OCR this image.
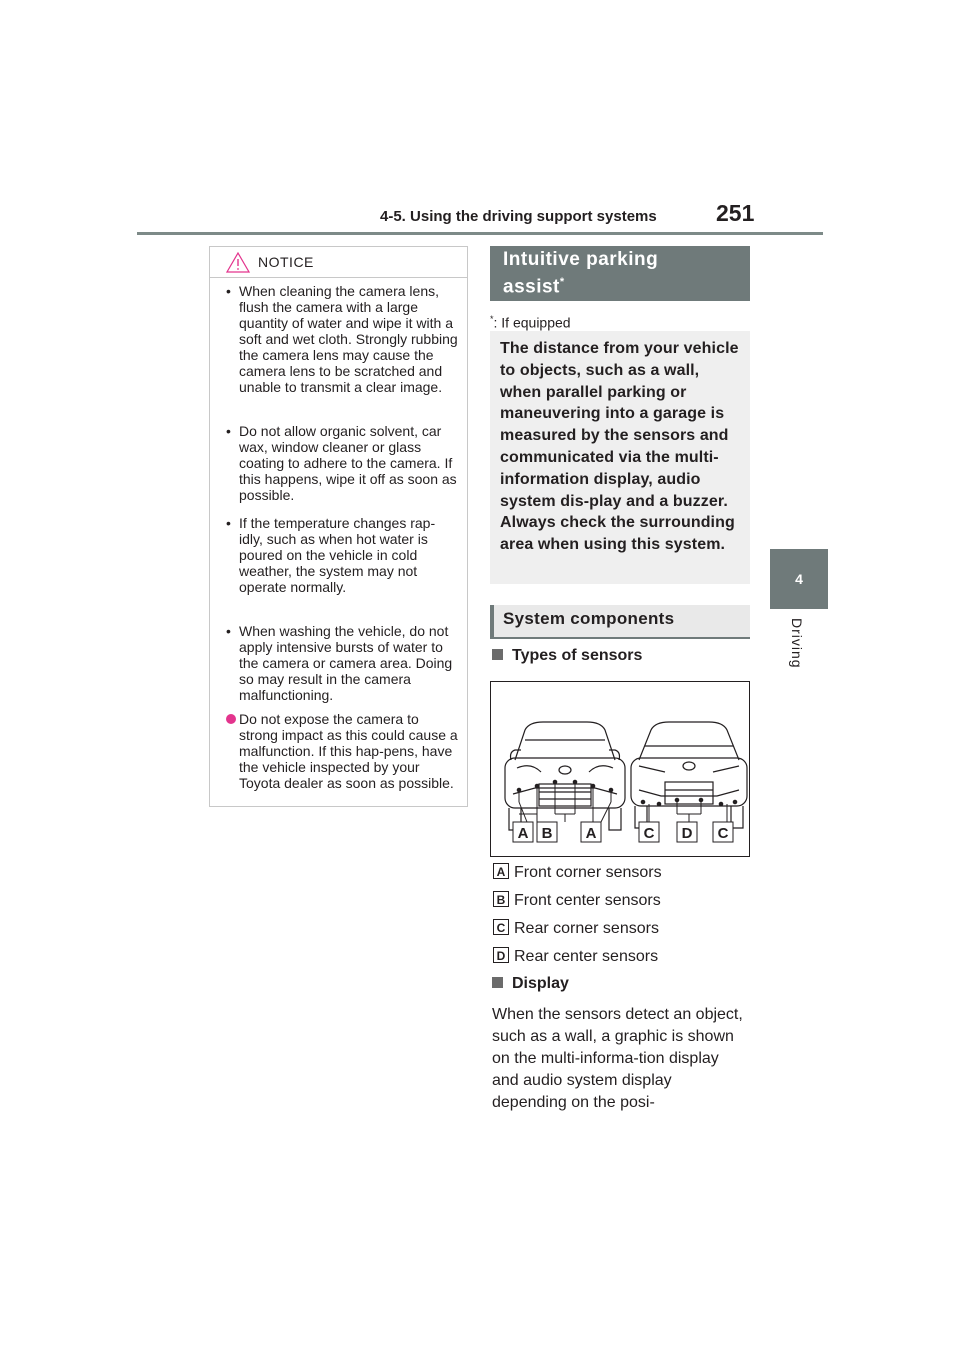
4-5. Using the driving support systems	251
4
Driving
NOTICE
• When cleaning the camera lens, flush the camera with a large quantity of water and wipe it with a soft and wet cloth. Strongly rubbing the camera lens may cause the camera lens to be scratched and unable to transmit a clear image.
• Do not allow organic solvent, car wax, window cleaner or glass coating to adhere to the camera. If this happens, wipe it off as soon as possible.
• If the temperature changes rap-idly, such as when hot water is poured on the vehicle in cold weather, the system may not operate normally.
• When washing the vehicle, do not apply intensive bursts of water to the camera or camera area. Doing so may result in the camera malfunctioning.
Do not expose the camera to strong impact as this could cause a malfunction. If this hap-pens, have the vehicle inspected by your Toyota dealer as soon as possible.
Intuitive parking
assist*
*: If equipped
The distance from your vehicle to objects, such as a wall, when parallel parking or maneuvering into a garage is measured by the sensors and communicated via the multi-information display, audio system dis-play and a buzzer. Always check the surrounding area when using this system.
System components
Types of sensors
A B A	C D C
A Front corner sensors
B Front center sensors
C Rear corner sensors
D Rear center sensors
Display
When the sensors detect an object, such as a wall, a graphic is shown on the multi-informa-tion display and audio system display depending on the posi-
